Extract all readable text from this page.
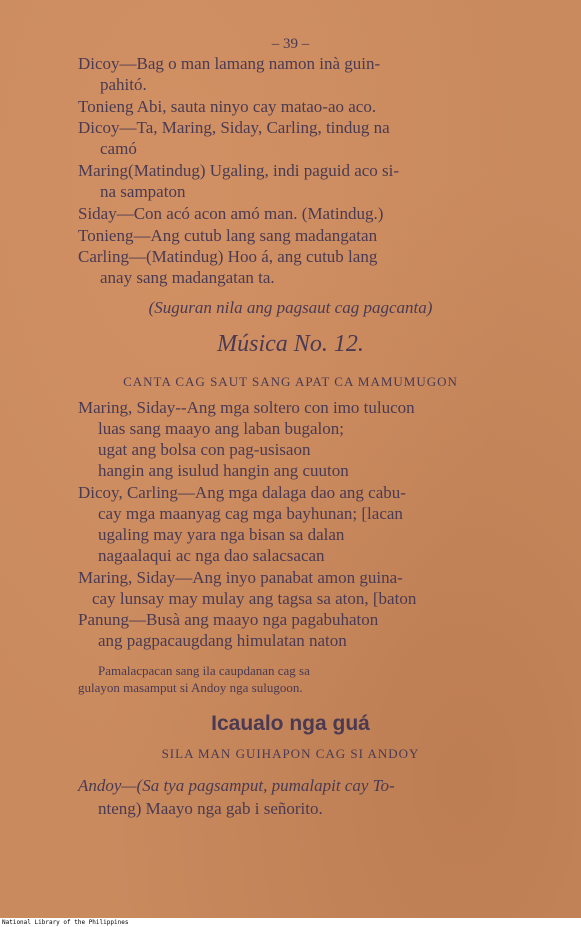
– 39 –
Dicoy—Bag o man lamang namon inà guin-
pahitó.
Tonieng Abi, sauta ninyo cay matao-ao aco.
Dicoy—Ta, Maring, Siday, Carling, tindug na
camó
Maring(Matindug) Ugaling, indi paguid aco si-
na sampaton
Siday—Con acó acon amó man. (Matindug.)
Tonieng—Ang cutub lang sang madangatan
Carling—(Matindug) Hoo á, ang cutub lang
anay sang madangatan ta.
(Suguran nila ang pagsaut cag pagcanta)
Música No. 12.
CANTA CAG SAUT SANG APAT CA MAMUMUGON
Maring, Siday--Ang mga soltero con imo tulucon
luas sang maayo ang laban bugalon;
ugat ang bolsa con pag-usisaon
hangin ang isulud hangin ang cuuton
Dicoy, Carling—Ang mga dalaga dao ang cabu-
cay mga maanyag cag mga bayhunan; [lacan
ugaling may yara nga bisan sa dalan
nagaalaqui ac nga dao salacsacan
Maring, Siday—Ang inyo panabat amon guina-
cay lunsay may mulay ang tagsa sa aton, [baton
Panung—Busà ang maayo nga pagabuhaton
ang pagpacaugdang himulatan naton
Pamalacpacan sang ila caupdanan cag sa
gulayon masamput si Andoy nga sulugoon.
Icaualo nga guá
SILA MAN GUIHAPON CAG SI ANDOY
Andoy—(Sa tya pagsamput, pumalapit cay To-
nteng) Maayo nga gab i señorito.
National Library of the Philippines
